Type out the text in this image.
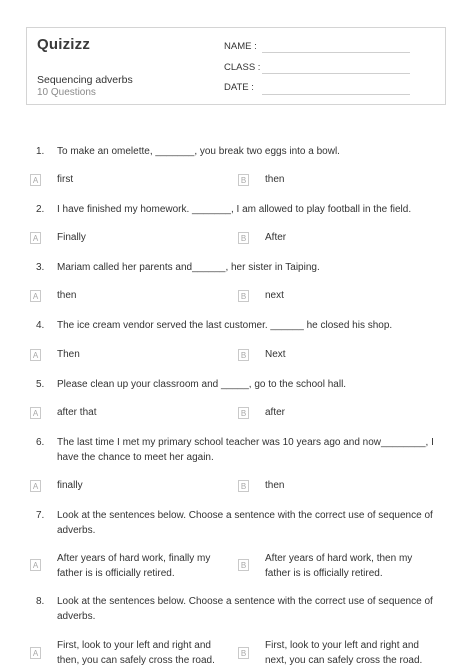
Quizizz
Sequencing adverbs
10 Questions
NAME :
CLASS :
DATE :
1.	To make an omelette, _______, you break two eggs into a bowl.
A first	B then
2.	I have finished my homework. _______, I am allowed to play football in the field.
A Finally	B After
3.	Mariam called her parents and______, her sister in Taiping.
A then	B next
4.	The ice cream vendor served the last customer. ______ he closed his shop.
A Then	B Next
5.	Please clean up your classroom and _____, go to the school hall.
A after that	B after
6.	The last time I met my primary school teacher was 10 years ago and now________, I have the chance to meet her again.
A finally	B then
7.	Look at the sentences below. Choose a sentence with the correct use of sequence of adverbs.
A
After years of hard work, finally my father is is officially retired.
B
After years of hard work, then my father is is officially retired.
8.	Look at the sentences below. Choose a sentence with the correct use of sequence of adverbs.
A
First, look to your left and right and then, you can safely cross the road.
B
First, look to your left and right and next, you can safely cross the road.
